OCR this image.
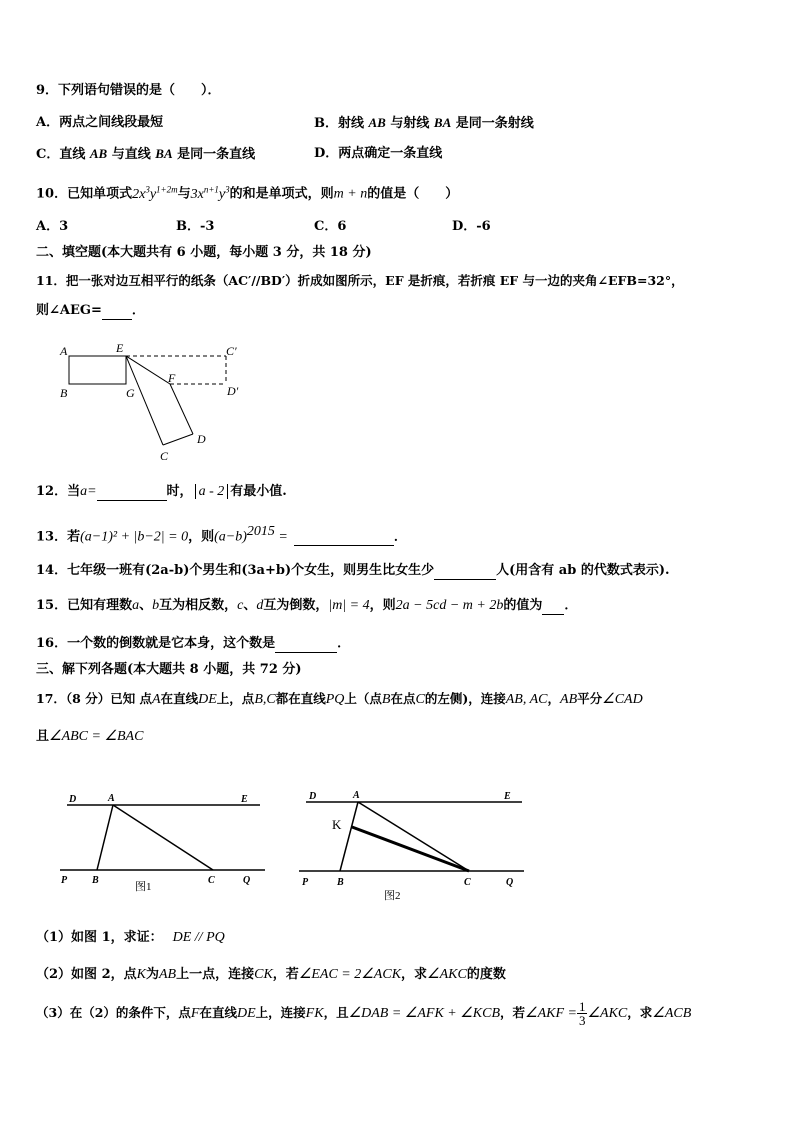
9．下列语句错误的是（　　）．
A．两点之间线段最短	B．射线 AB 与射线 BA 是同一条射线
C．直线 AB 与直线 BA 是同一条直线	D．两点确定一条直线
10．已知单项式$2x^3y^{1+2m}$与$3x^{n+1}y^3$的和是单项式，则m + n的值是（　　）
A．3	B．-3	C．6	D．-6
二、填空题(本大题共有 6 小题，每小题 3 分，共 18 分)
11．把一张对边互相平行的纸条（AC′//BD′）折成如图所示，EF 是折痕，若折痕 EF 与一边的夹角∠EFB=32°，
则∠AEG= ．
A	E	C′
B	G
F
D′
D
C
12．当a=	时， a - 2 有最小值.
13．若(a−1)² + |b−2| = 0，则$(a-b)^{2015}$ =	．
14．七年级一班有(2a-b)个男生和(3a+b)个女生，则男生比女生少	人(用含有 ab 的代数式表示).
15．已知有理数a、b互为相反数，c、d互为倒数，|m| = 4，则2a − 5cd − m + 2b的值为 ．
16．一个数的倒数就是它本身，这个数是	．
三、解下列各题(本大题共 8 小题，共 72 分)
17．（8 分）已知 点A在直线DE上，点B,C都在直线PQ上（点B在点C的左侧)，连接AB, AC，AB平分∠CAD
且∠ABC = ∠BAC
D	A	E
P B	C	Q
图1
D	A	E
K
P	B	C	Q
图2
（1）如图 1，求证： DE // PQ
（2）如图 2，点K为AB上一点，连接CK，若∠EAC = 2∠ACK，求∠AKC的度数
（3）在（2）的条件下，点F在直线DE上，连接FK，且∠DAB = ∠AFK + ∠KCB，若∠AKF = $\frac{1}{3}$ ∠AKC，求∠ACB
